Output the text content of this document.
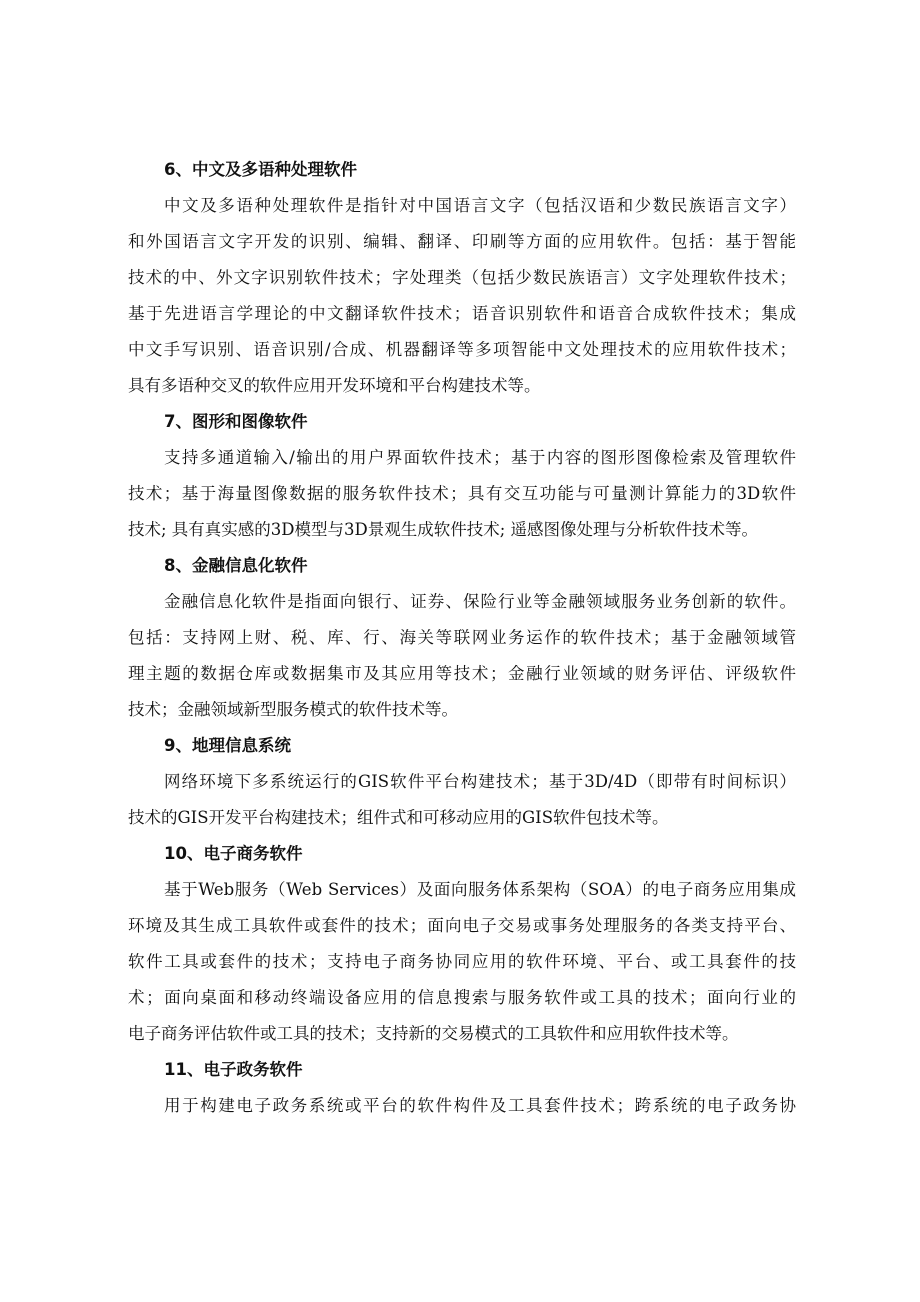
6、中文及多语种处理软件

中文及多语种处理软件是指针对中国语言文字（包括汉语和少数民族语言文字）

和外国语言文字开发的识别、编辑、翻译、印刷等方面的应用软件。包括：基于智能

技术的中、外文字识别软件技术；字处理类（包括少数民族语言）文字处理软件技术；

基于先进语言学理论的中文翻译软件技术；语音识别软件和语音合成软件技术；集成

中文手写识别、语音识别/合成、机器翻译等多项智能中文处理技术的应用软件技术；

具有多语种交叉的软件应用开发环境和平台构建技术等。

7、图形和图像软件

支持多通道输入/输出的用户界面软件技术；基于内容的图形图像检索及管理软件

技术；基于海量图像数据的服务软件技术；具有交互功能与可量测计算能力的3D软件

技术; 具有真实感的3D模型与3D景观生成软件技术; 遥感图像处理与分析软件技术等。

8、金融信息化软件

金融信息化软件是指面向银行、证券、保险行业等金融领域服务业务创新的软件。

包括：支持网上财、税、库、行、海关等联网业务运作的软件技术；基于金融领域管

理主题的数据仓库或数据集市及其应用等技术；金融行业领域的财务评估、评级软件

技术；金融领域新型服务模式的软件技术等。

9、地理信息系统

网络环境下多系统运行的GIS软件平台构建技术；基于3D/4D（即带有时间标识）

技术的GIS开发平台构建技术；组件式和可移动应用的GIS软件包技术等。

10、电子商务软件

基于Web服务（Web Services）及面向服务体系架构（SOA）的电子商务应用集成

环境及其生成工具软件或套件的技术；面向电子交易或事务处理服务的各类支持平台、

软件工具或套件的技术；支持电子商务协同应用的软件环境、平台、或工具套件的技

术；面向桌面和移动终端设备应用的信息搜索与服务软件或工具的技术；面向行业的

电子商务评估软件或工具的技术；支持新的交易模式的工具软件和应用软件技术等。

11、电子政务软件

用于构建电子政务系统或平台的软件构件及工具套件技术；跨系统的电子政务协
